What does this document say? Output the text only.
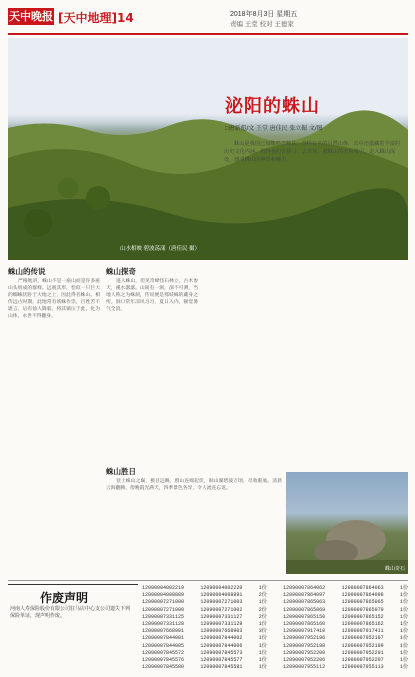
天中晚报 [天中地理]14	2018年8月3日 星期五
责编 王堂 校对 王德家
泌阳的蛛山
□唐新彪/文 王堂 唐佳民 张立振 文/图
蛛山是我国已知蛛形态独具、奇特有名的自然山体，其中还蕴藏着丰富的历史文化内涵，值得我们去探寻、去发现。被蛛山的美所吸引，走入蛛山深处，感受蛛山的神奇和魅力。
山水相映 碧波荡漾（唐佳民 摄）
蛛山的传说

严格地讲，蛛山不是一座山而是许多座山头组成的群峰。远观其形，恰似一只巨大的蜘蛛伏卧于大地之上，因此得名蛛山。相传远古时期，此地常有妖蛛作祟，百姓苦不堪言，后有仙人降临，将其镇压于此，化为山体，永世不得翻身。

蛛山探奇

进入蛛山，但见奇峰怪石林立，古木参天，溪水潺潺。山间有一洞，深不可测，当地人称之为蛛洞，传说便是那妖蛛的藏身之所。洞口常年凉风习习，夏日入内，顿觉暑气全消。

蛛山胜日

登上蛛山之巅，极目远眺，群山连绵起伏，铜山湖碧波万顷，尽收眼底。清晨云海翻腾，傍晚霞光满天，四季景色各异，令人流连忘返。

蛛山奇石
作废声明
河南人寿保险股份有限公司驻马店中心支公司遗失下列保险单证，现声明作废。
12090004002219	12090004002220	1份	12090007864062	12090007864063	1份
12090004008889	12090004008891	2份	12090007864097	12090007864098	1份
12090007271000	12090007271003	1份	12090007865063	12090007865065	1份
12090007271000	12090007271002	2份	12090007865069	12090007865070	1份
12090007331125	12090007331127	2份	12090007865150	12090007865152	1份
12090007331128	12090007331129	1份	12090007865160	12090007865162	1份
12090007668901	12090007668903	3份	12090007917410	12090007917411	1份
12090007844001	12090007844002	1份	12090007952196	12090007952197	1份
12090007844005	12090007844006	1份	12090007952198	12090007952199	1份
12090007845572	12090007845573	1份	12090007952200	12090007952201	1份
12090007845576	12090007845577	1份	12090007952206	12090007952207	1份
12090007845580	12090007845581	1份	12090007955112	12090007955113	1份
